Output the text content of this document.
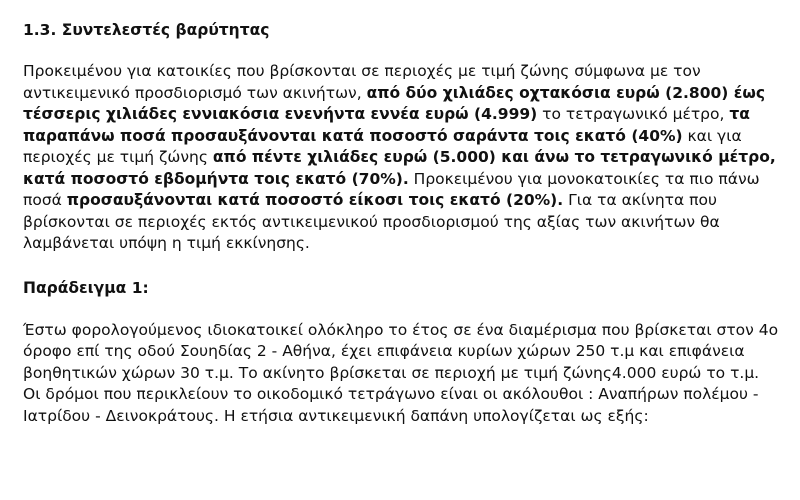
1.3. Συντελεστές βαρύτητας

Προκειμένου για κατοικίες που βρίσκονται σε περιοχές με τιμή ζώνης σύμφωνα με τον αντικειμενικό προσδιορισμό των ακινήτων, από δύο χιλιάδες οχτακόσια ευρώ (2.800) έως τέσσερις χιλιάδες εννιακόσια ενενήντα εννέα ευρώ (4.999) το τετραγωνικό μέτρο, τα παραπάνω ποσά προσαυξάνονται κατά ποσοστό σαράντα τοις εκατό (40%) και για περιοχές με τιμή ζώνης από πέντε χιλιάδες ευρώ (5.000) και άνω το τετραγωνικό μέτρο, κατά ποσοστό εβδομήντα τοις εκατό (70%). Προκειμένου για μονοκατοικίες τα πιο πάνω ποσά προσαυξάνονται κατά ποσοστό είκοσι τοις εκατό (20%). Για τα ακίνητα που βρίσκονται σε περιοχές εκτός αντικειμενικού προσδιορισμού της αξίας των ακινήτων θα λαμβάνεται υπόψη η τιμή εκκίνησης.

Παράδειγμα 1:

Έστω φορολογούμενος ιδιοκατοικεί ολόκληρο το έτος σε ένα διαμέρισμα που βρίσκεται στον 4ο όροφο επί της οδού Σουηδίας 2 - Αθήνα, έχει επιφάνεια κυρίων χώρων 250 τ.μ και επιφάνεια βοηθητικών χώρων 30 τ.μ. Το ακίνητο βρίσκεται σε περιοχή με τιμή ζώνης4.000 ευρώ το τ.μ. Οι δρόμοι που περικλείουν το οικοδομικό τετράγωνο είναι οι ακόλουθοι : Αναπήρων πολέμου - Ιατρίδου - Δεινοκράτους. Η ετήσια αντικειμενική δαπάνη υπολογίζεται ως εξής:
